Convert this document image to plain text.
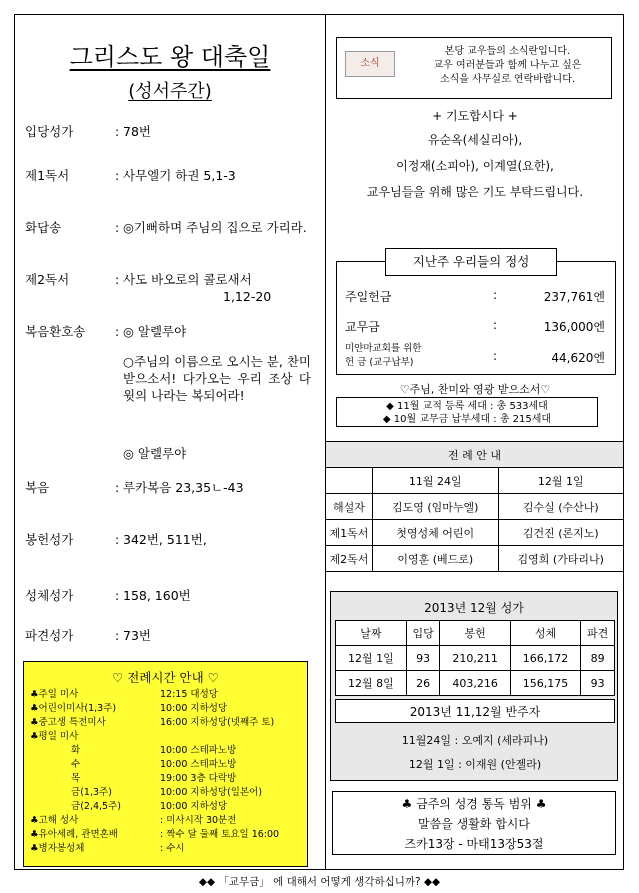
그리스도 왕 대축일
(성서주간)
입당성가	: 78번
제1독서	: 사무엘기 하권 5,1-3
화답송	: ◎기뻐하며 주님의 집으로 가리라.
제2독서	: 사도 바오로의 콜로새서
1,12-20
복음환호송	: ◎ 알렐루야
○주님의 이름으로 오시는 분, 찬미받으소서! 다가오는 우리 조상 다윗의 나라는 복되어라!
◎ 알렐루야
복음	: 루카복음 23,35ㄴ-43
봉헌성가	: 342번, 511번,
성체성가	: 158, 160번
파견성가	: 73번
♡ 전례시간 안내 ♡
♣주일 미사	12:15 대성당
♣어린이미사(1,3주)	10:00 지하성당
♣중고생 특전미사	16:00 지하성당(넷째주 토)
♣평일 미사
　　　　 화	10:00 스테파노방
　　　　 수	10:00 스테파노방
　　　　 목	19:00 3층 다락방
　　　　 금(1,3주)	10:00 지하성당(일본어)
　　　　 금(2,4,5주)	10:00 지하성당
♣고해 성사	: 미사시작 30분전
♣유아세례, 관면혼배	: 짝수 달 둘째 토요일 16:00
♣병자봉성체	: 수시
소식
본당 교우들의 소식란입니다.
교우 여러분들과 함께 나누고 싶은
소식을 사무실로 연락바랍니다.
+ 기도합시다 +
유순옥(세실리아),
이정재(소피아), 이계열(요한),
교우님들을 위해 많은 기도 부탁드립니다.
지난주 우리들의 정성
주일헌금	:	237,761엔
교무금	:	136,000엔
미얀마교회를 위한
헌 금 (교구납부)	:	44,620엔
♡주님, 찬미와 영광 받으소서♡
◆ 11월 교적 등록 세대 : 총 533세대
◆ 10월 교무금 납부세대 : 총 215세대
전 례 안 내		
	11월 24일	12월 1일
해설자	김도영 (임마누엘)	김수실 (수산나)
제1독서	첫영성체 어린이	김건진 (론지노)
제2독서	이영훈 (베드로)	김영희 (가타리나)
2013년 12월 성가
날짜	입당	봉헌	성체	파견
12월 1일	93	210,211	166,172	89
12월 8일	26	403,216	156,175	93
2013년 11,12월 반주자
11월24일 : 오예지 (세라피나)
12월 1일 : 이재원 (안젤라)
♣ 금주의 성경 통독 범위 ♣
말씀을 생활화 합시다
즈카13장 - 마태13장53절
◆◆ 「교무금」 에 대해서 어떻게 생각하십니까? ◆◆
